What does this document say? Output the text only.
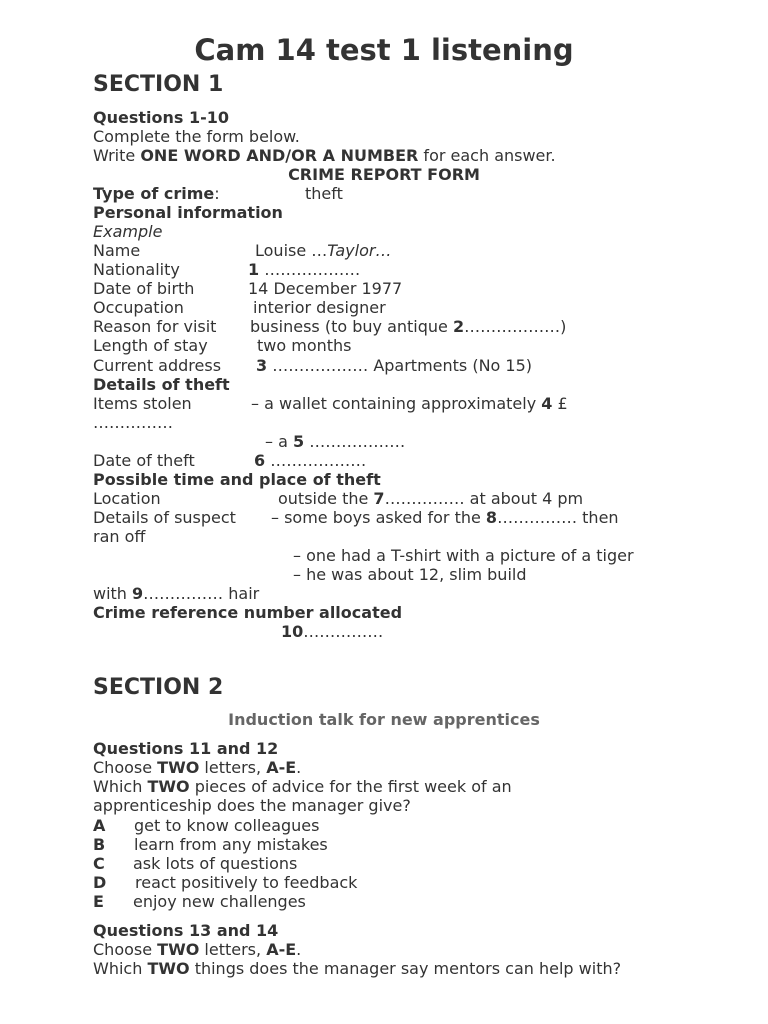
Cam 14 test 1 listening
SECTION 1
Questions 1-10
Complete the form below.
Write ONE WORD AND/OR A NUMBER for each answer.
CRIME REPORT FORM
Type of crime:	theft
Personal information
Example
Name	Louise …Taylor…
Nationality	1 ………………
Date of birth	14 December 1977
Occupation	interior designer
Reason for visit business (to buy antique 2………………)
Length of stay	two months
Current address 3 ……………… Apartments (No 15)
Details of theft
Items stolen	– a wallet containing approximately 4 £
……………
– a 5 ………………
Date of theft	6 ………………
Possible time and place of theft
Location	outside the 7…………… at about 4 pm
Details of suspect – some boys asked for the 8…………… then
ran off
– one had a T-shirt with a picture of a tiger
– he was about 12, slim build
with 9…………… hair
Crime reference number allocated
10……………
SECTION 2
Induction talk for new apprentices
Questions 11 and 12
Choose TWO letters, A-E.
Which TWO pieces of advice for the first week of an
apprenticeship does the manager give?
A get to know colleagues
B learn from any mistakes
C ask lots of questions
D react positively to feedback
E enjoy new challenges
Questions 13 and 14
Choose TWO letters, A-E.
Which TWO things does the manager say mentors can help with?
